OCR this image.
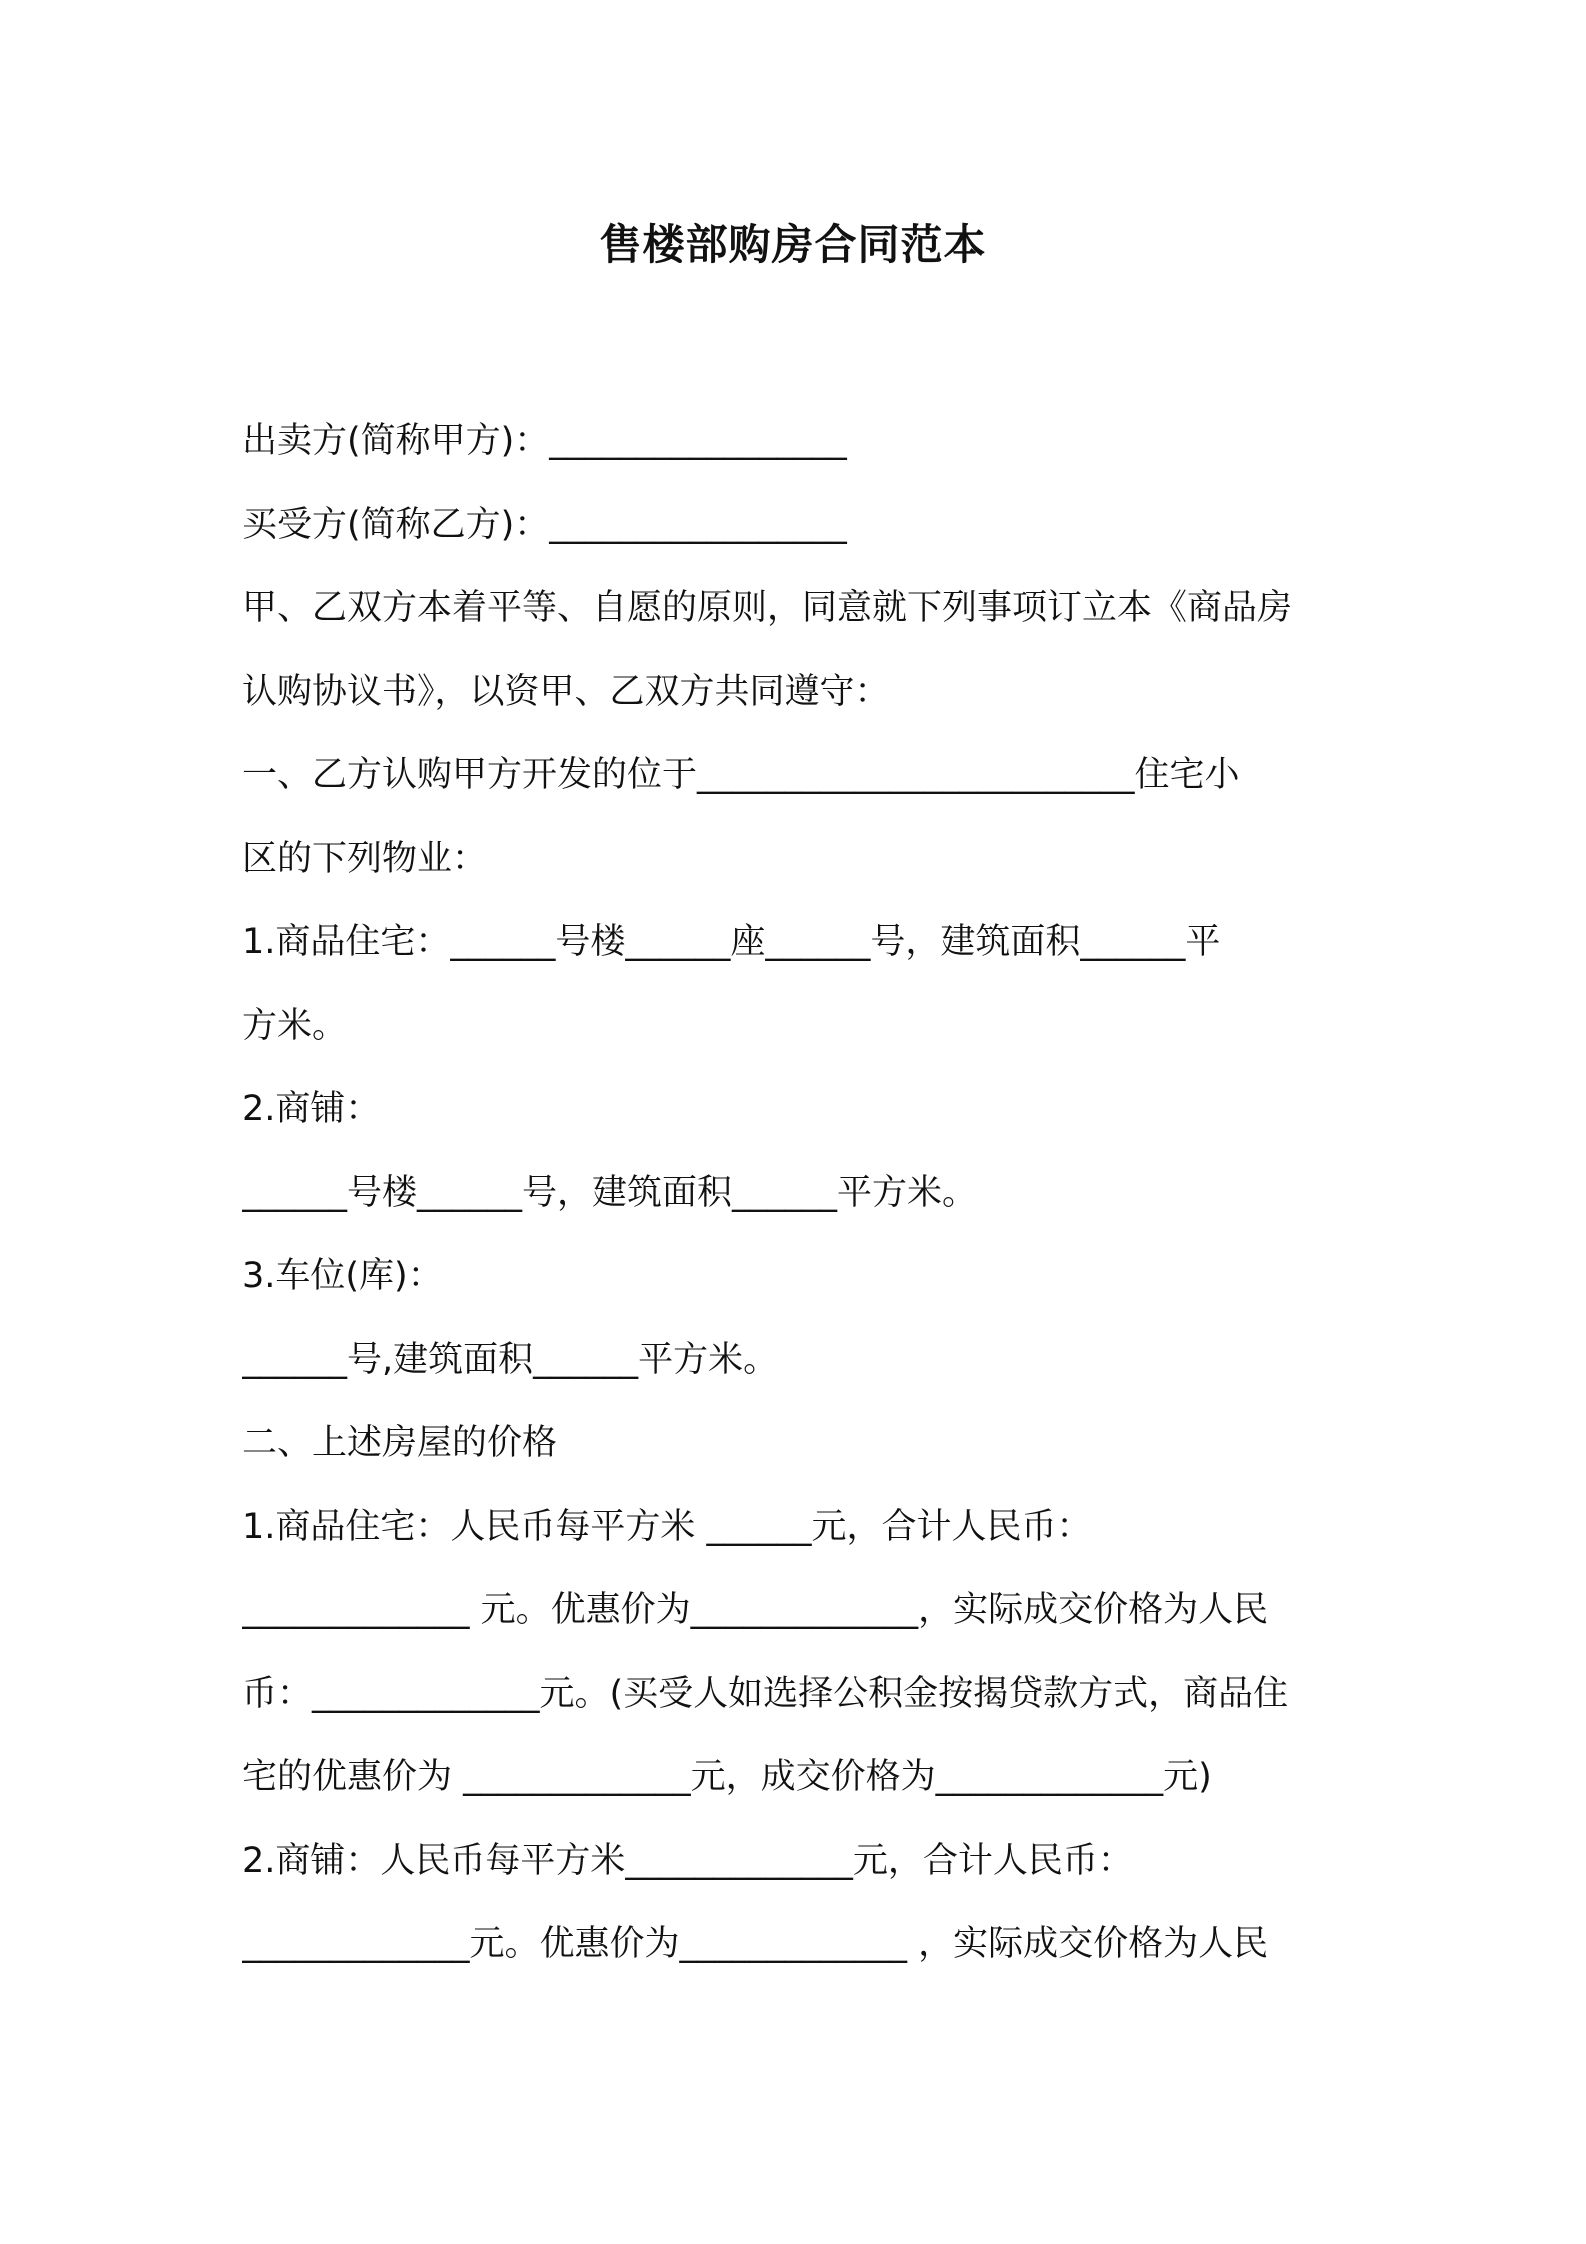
售楼部购房合同范本
出卖方(简称甲方)：_________________
买受方(简称乙方)：_________________
甲、乙双方本着平等、自愿的原则，同意就下列事项订立本《商品房
认购协议书》，以资甲、乙双方共同遵守：
一、乙方认购甲方开发的位于_________________________住宅小
区的下列物业：
1.商品住宅：______号楼______座______号，建筑面积______平
方米。
2.商铺：
______号楼______号，建筑面积______平方米。
3.车位(库)：
______号,建筑面积______平方米。
二、上述房屋的价格
1.商品住宅：人民币每平方米 ______元，合计人民币：
_____________ 元。优惠价为_____________，实际成交价格为人民
币：_____________元。(买受人如选择公积金按揭贷款方式，商品住
宅的优惠价为 _____________元，成交价格为_____________元)
2.商铺：人民币每平方米_____________元，合计人民币：
_____________元。优惠价为_____________ ，实际成交价格为人民
